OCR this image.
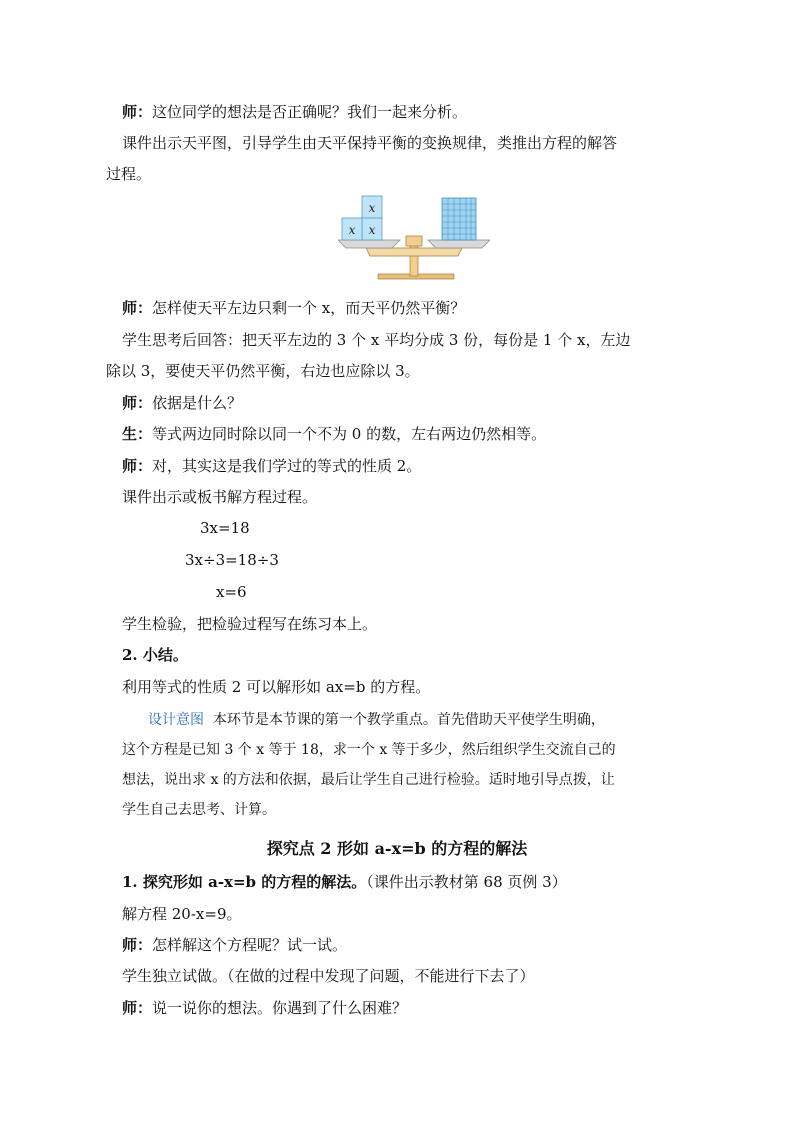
师：这位同学的想法是否正确呢？我们一起来分析。
课件出示天平图，引导学生由天平保持平衡的变换规律，类推出方程的解答
过程。
x
x
x
师：怎样使天平左边只剩一个 x，而天平仍然平衡？
学生思考后回答：把天平左边的 3 个 x 平均分成 3 份，每份是 1 个 x，左边
除以 3，要使天平仍然平衡，右边也应除以 3。
师：依据是什么？
生：等式两边同时除以同一个不为 0 的数，左右两边仍然相等。
师：对，其实这是我们学过的等式的性质 2。
课件出示或板书解方程过程。
3x=18
3x÷3=18÷3
x=6
学生检验，把检验过程写在练习本上。
2. 小结。
利用等式的性质 2 可以解形如 ax=b 的方程。
设计意图 本环节是本节课的第一个教学重点。首先借助天平使学生明确，
这个方程是已知 3 个 x 等于 18，求一个 x 等于多少，然后组织学生交流自己的
想法，说出求 x 的方法和依据，最后让学生自己进行检验。适时地引导点拨，让
学生自己去思考、计算。
探究点 2 形如 a-x=b 的方程的解法
1. 探究形如 a-x=b 的方程的解法。（课件出示教材第 68 页例 3）
解方程 20-x=9。
师：怎样解这个方程呢？试一试。
学生独立试做。（在做的过程中发现了问题，不能进行下去了）
师：说一说你的想法。你遇到了什么困难？
